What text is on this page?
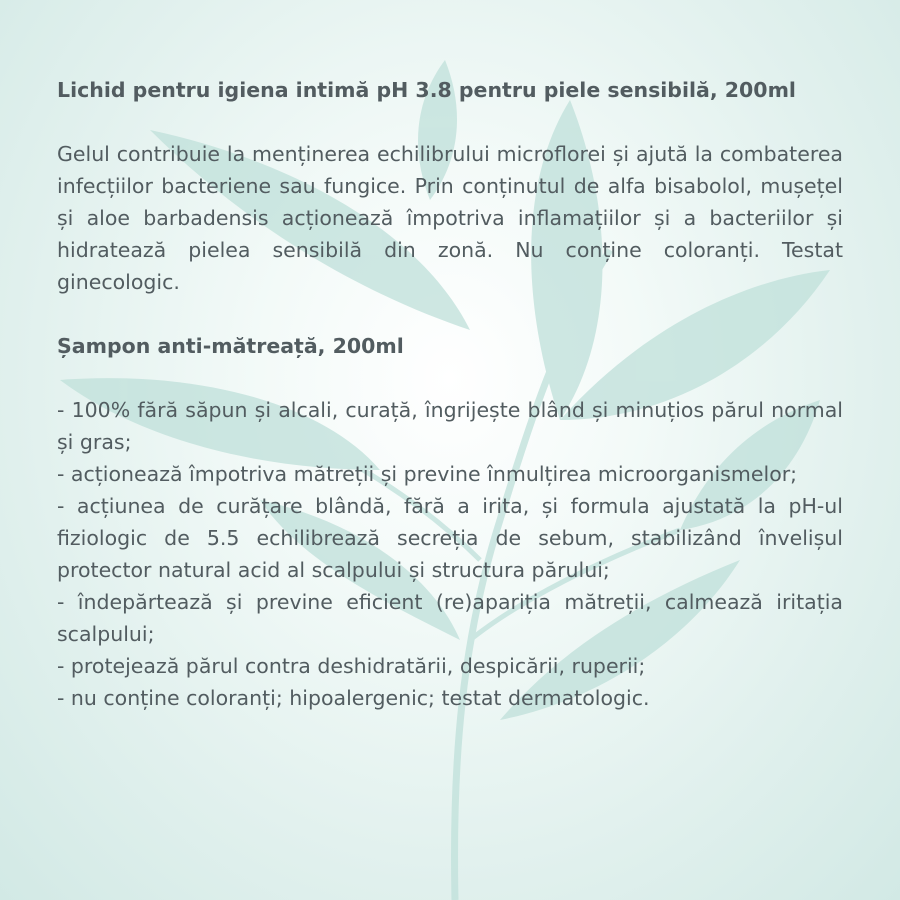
Lichid pentru igiena intimă pH 3.8 pentru piele sensibilă, 200ml

Gelul contribuie la menținerea echilibrului microflorei și ajută la combaterea infecțiilor bacteriene sau fungice. Prin conținutul de alfa bisabolol, mușețel și aloe barbadensis acționează împotriva inflamațiilor și a bacteriilor și hidratează pielea sensibilă din zonă. Nu conține coloranți. Testat ginecologic.

Șampon anti-mătreață, 200ml

- 100% fără săpun și alcali, curață, îngrijește blând și minuțios părul normal și gras;
- acționează împotriva mătreții și previne înmulțirea microorganismelor;
- acțiunea de curățare blândă, fără a irita, și formula ajustată la pH-ul fiziologic de 5.5 echilibrează secreția de sebum, stabilizând învelișul protector natural acid al scalpului și structura părului;
- îndepărtează și previne eficient (re)apariția mătreții, calmează iritația scalpului;
- protejează părul contra deshidratării, despicării, ruperii;
- nu conține coloranți; hipoalergenic; testat dermatologic.
